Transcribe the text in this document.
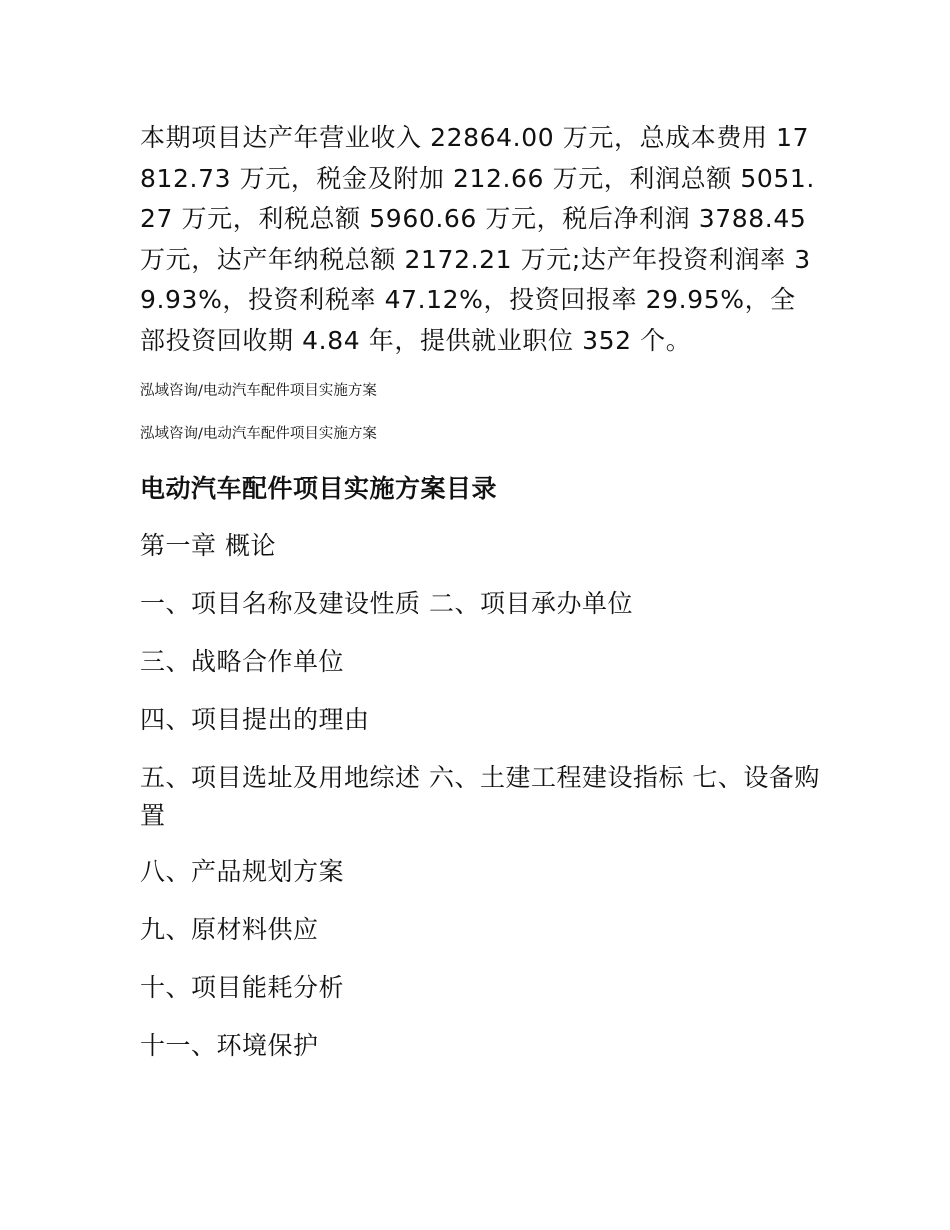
本期项目达产年营业收入 22864.00 万元，总成本费用 17812.73 万元，税金及附加 212.66 万元，利润总额 5051.27 万元，利税总额 5960.66 万元，税后净利润 3788.45 万元，达产年纳税总额 2172.21 万元;达产年投资利润率 39.93%，投资利税率 47.12%，投资回报率 29.95%，全部投资回收期 4.84 年，提供就业职位 352 个。

泓域咨询/电动汽车配件项目实施方案

泓域咨询/电动汽车配件项目实施方案

电动汽车配件项目实施方案目录
第一章 概论
一、项目名称及建设性质 二、项目承办单位
三、战略合作单位
四、项目提出的理由
五、项目选址及用地综述 六、土建工程建设指标 七、设备购置
八、产品规划方案
九、原材料供应
十、项目能耗分析
十一、环境保护
